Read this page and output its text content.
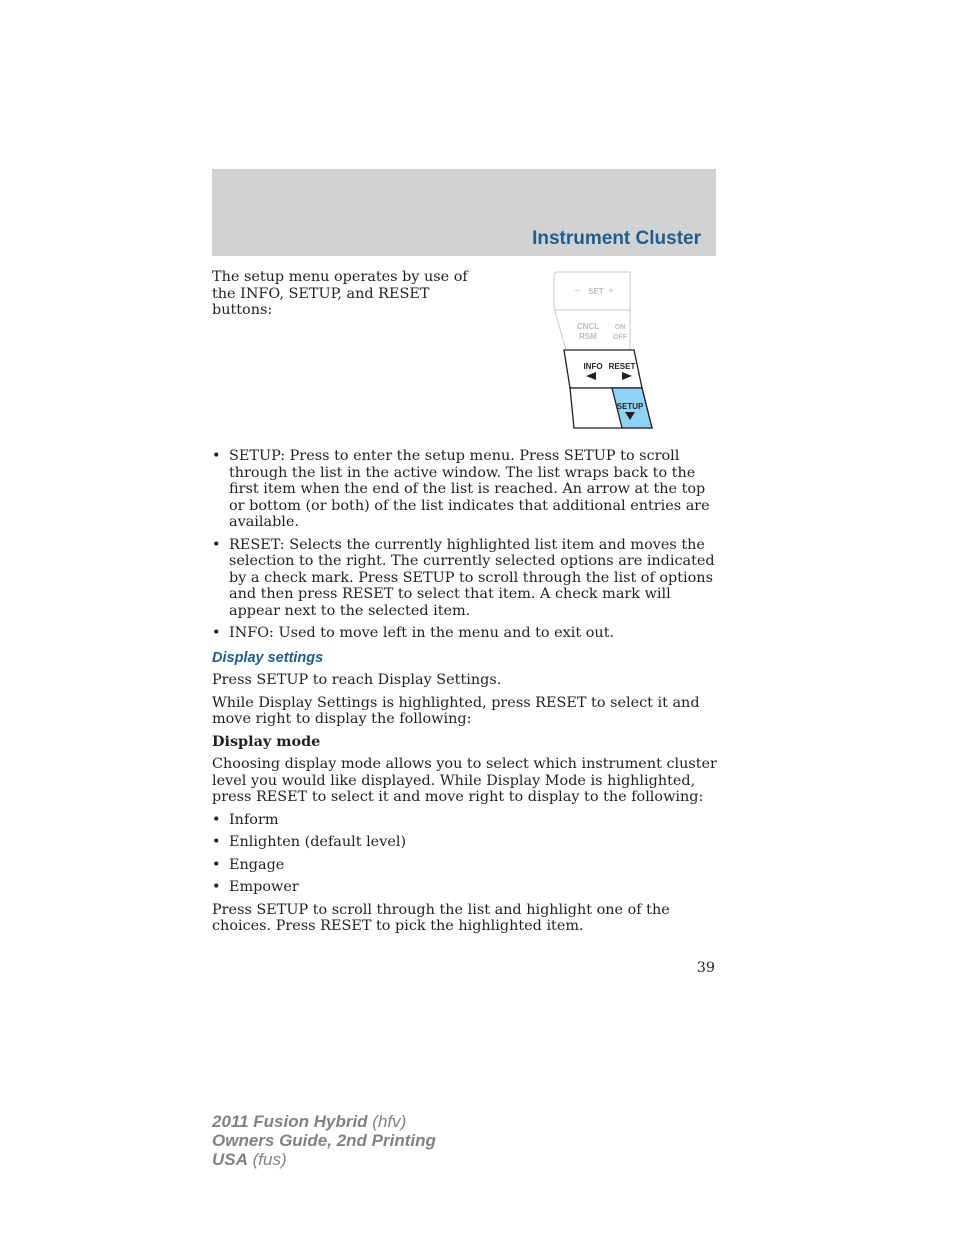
Instrument Cluster

The setup menu operates by use of the INFO, SETUP, and RESET buttons:

− SET +
CNCL
RSM
ON
OFF
INFO RESET
SETUP
• SETUP: Press to enter the setup menu. Press SETUP to scroll through the list in the active window. The list wraps back to the first item when the end of the list is reached. An arrow at the top or bottom (or both) of the list indicates that additional entries are available.
• RESET: Selects the currently highlighted list item and moves the selection to the right. The currently selected options are indicated by a check mark. Press SETUP to scroll through the list of options and then press RESET to select that item. A check mark will appear next to the selected item.
• INFO: Used to move left in the menu and to exit out.
Display settings

Press SETUP to reach Display Settings.

While Display Settings is highlighted, press RESET to select it and move right to display the following:

Display mode

Choosing display mode allows you to select which instrument cluster level you would like displayed. While Display Mode is highlighted, press RESET to select it and move right to display to the following:

• Inform
• Enlighten (default level)
• Engage
• Empower

Press SETUP to scroll through the list and highlight one of the choices. Press RESET to pick the highlighted item.

39

2011 Fusion Hybrid (hfv)
Owners Guide, 2nd Printing
USA (fus)
